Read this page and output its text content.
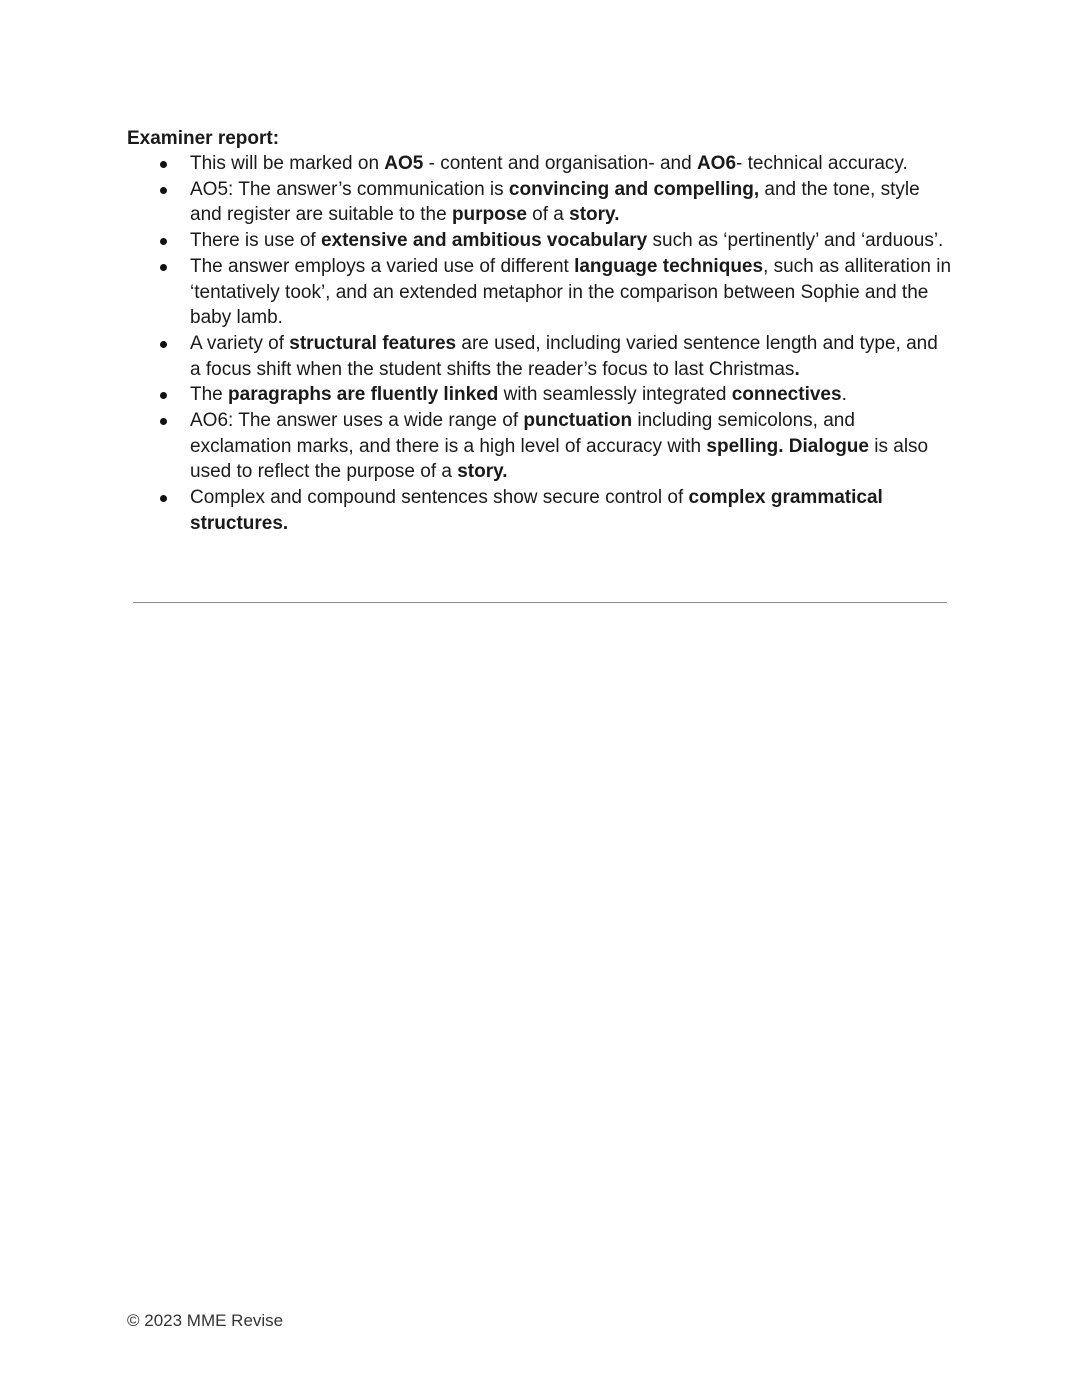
Examiner report:
This will be marked on AO5 - content and organisation- and AO6- technical accuracy.
AO5: The answer’s communication is convincing and compelling, and the tone, style and register are suitable to the purpose of a story.
There is use of extensive and ambitious vocabulary such as ‘pertinently’ and ‘arduous’.
The answer employs a varied use of different language techniques, such as alliteration in ‘tentatively took’, and an extended metaphor in the comparison between Sophie and the baby lamb.
A variety of structural features are used, including varied sentence length and type, and a focus shift when the student shifts the reader’s focus to last Christmas.
The paragraphs are fluently linked with seamlessly integrated connectives.
AO6: The answer uses a wide range of punctuation including semicolons, and exclamation marks, and there is a high level of accuracy with spelling. Dialogue is also used to reflect the purpose of a story.
Complex and compound sentences show secure control of complex grammatical structures.
© 2023 MME Revise
